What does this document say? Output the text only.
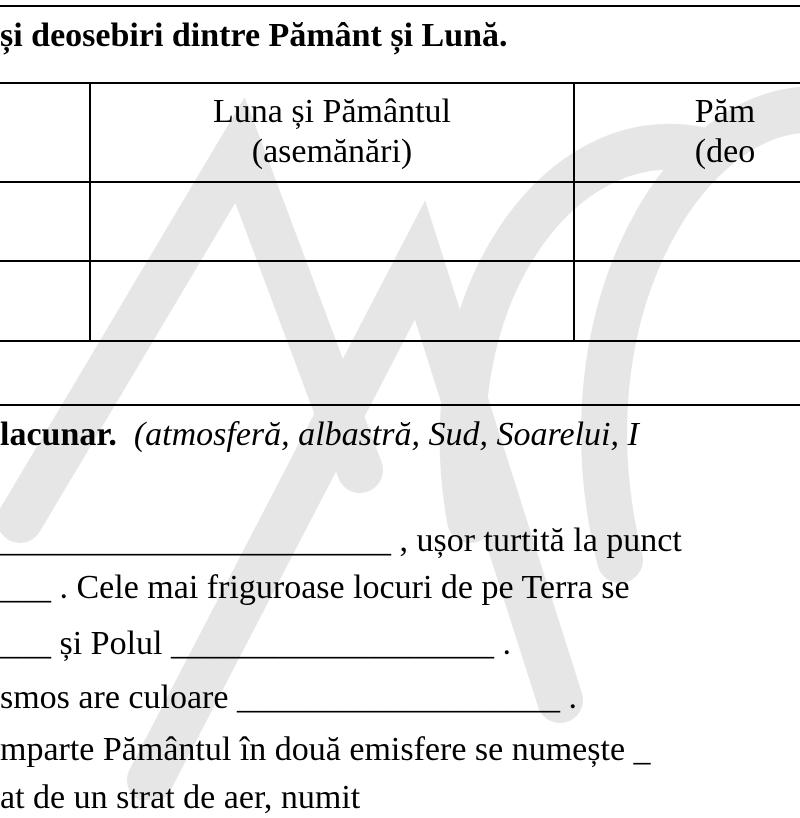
și deosebiri dintre Pământ și Lună.
Luna și Pământul
(asemănări)
Păm
(deo
lacunar. (atmosferă, albastră, Sud, Soarelui, I
_______________________ , ușor turtită la punct
___ . Cele mai friguroase locuri de pe Terra se
___ și Polul ___________________ .
smos are culoare ___________________ .
mparte Pământul în două emisfere se numește _
at de un strat de aer, numit
